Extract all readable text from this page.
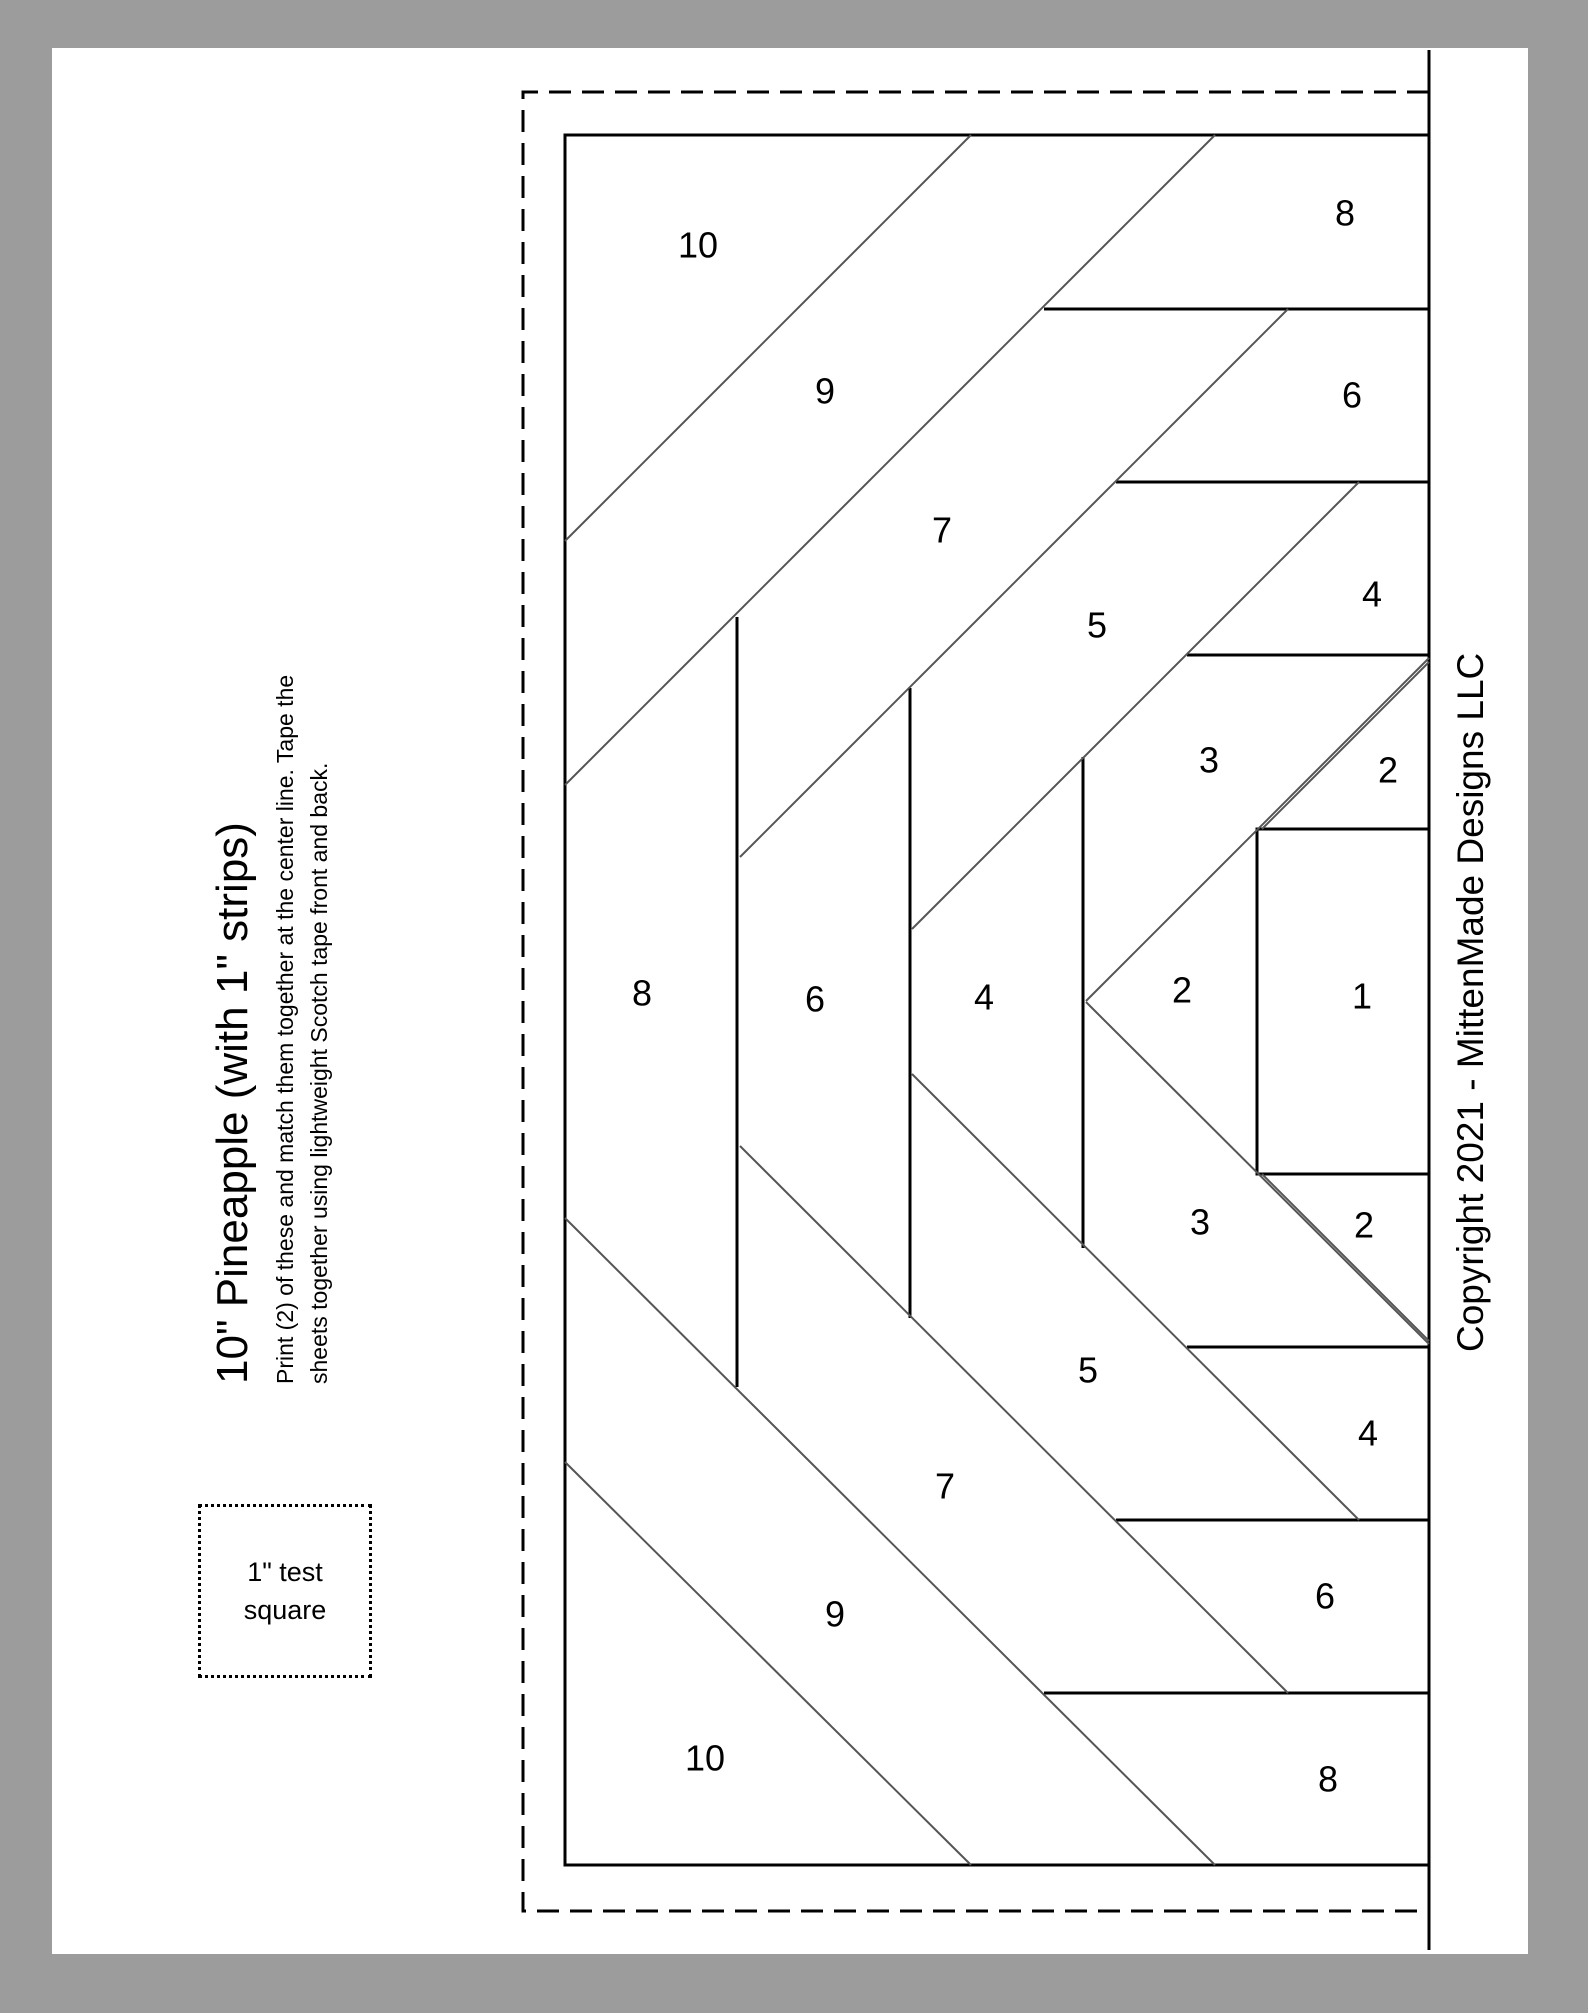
10" Pineapple (with 1" strips) Print (2) of these and match them together at the center line. Tape the sheets together using lightweight Scotch tape front and back.
1" test
square
Copyright 2021 - MittenMade Designs LLC
8
10
9	6
7
4
5
3	2
8	6	4	2	1
3	2
5
4
7
6
9
10
8
